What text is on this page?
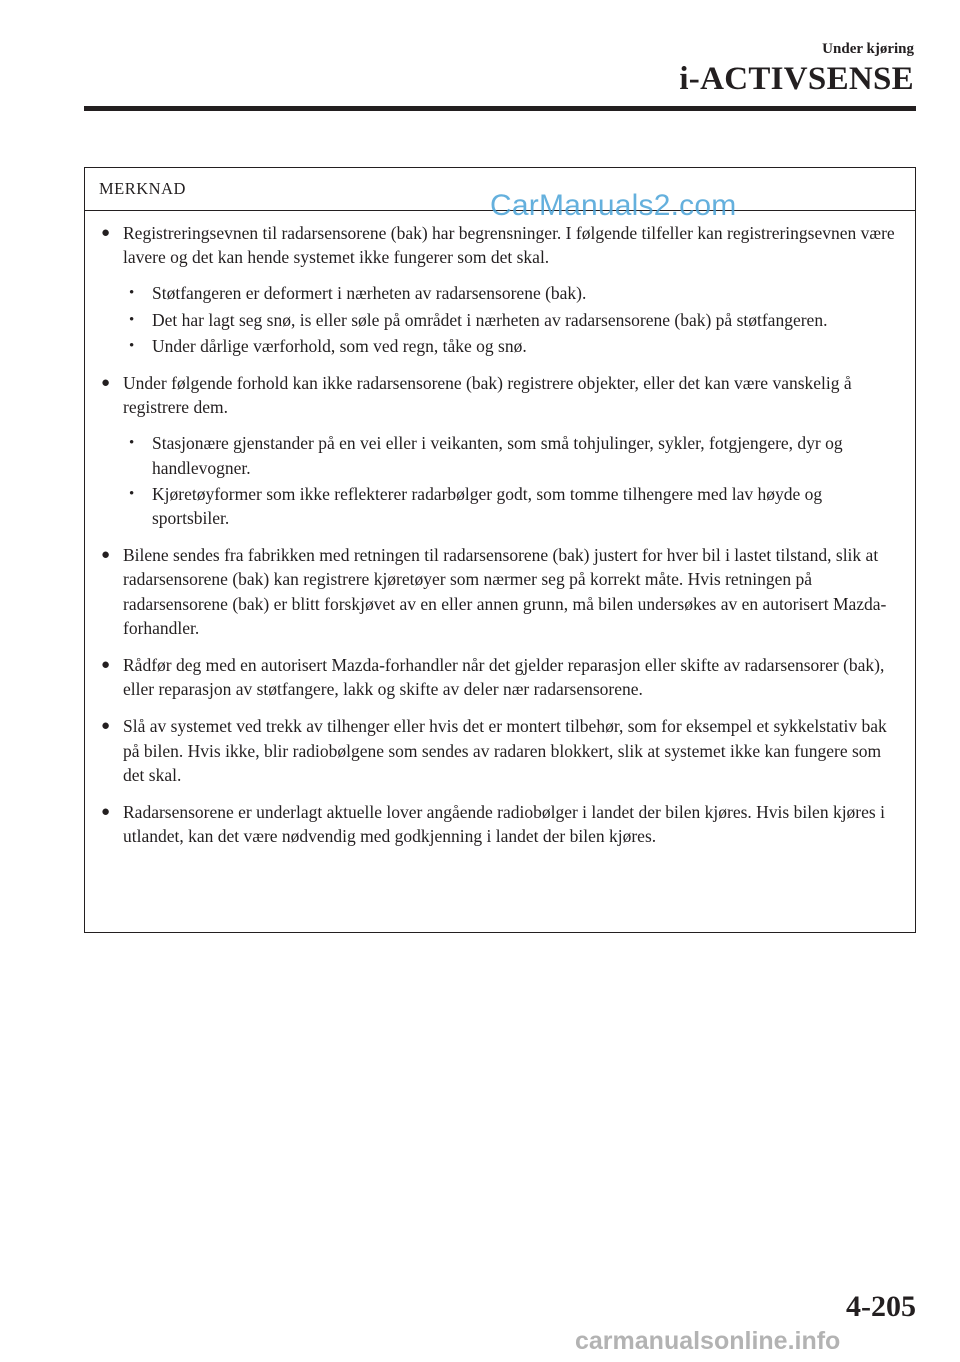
Under kjøring
i-ACTIVSENSE
MERKNAD
● Registreringsevnen til radarsensorene (bak) har begrensninger. I følgende tilfeller kan registreringsevnen være lavere og det kan hende systemet ikke fungerer som det skal.
• Støtfangeren er deformert i nærheten av radarsensorene (bak).
• Det har lagt seg snø, is eller søle på området i nærheten av radarsensorene (bak) på støtfangeren.
• Under dårlige værforhold, som ved regn, tåke og snø.
● Under følgende forhold kan ikke radarsensorene (bak) registrere objekter, eller det kan være vanskelig å registrere dem.
• Stasjonære gjenstander på en vei eller i veikanten, som små tohjulinger, sykler, fotgjengere, dyr og handlevogner.
• Kjøretøyformer som ikke reflekterer radarbølger godt, som tomme tilhengere med lav høyde og sportsbiler.
● Bilene sendes fra fabrikken med retningen til radarsensorene (bak) justert for hver bil i lastet tilstand, slik at radarsensorene (bak) kan registrere kjøretøyer som nærmer seg på korrekt måte. Hvis retningen på radarsensorene (bak) er blitt forskjøvet av en eller annen grunn, må bilen undersøkes av en autorisert Mazda-forhandler.
● Rådfør deg med en autorisert Mazda-forhandler når det gjelder reparasjon eller skifte av radarsensorer (bak), eller reparasjon av støtfangere, lakk og skifte av deler nær radarsensorene.
● Slå av systemet ved trekk av tilhenger eller hvis det er montert tilbehør, som for eksempel et sykkelstativ bak på bilen. Hvis ikke, blir radiobølgene som sendes av radaren blokkert, slik at systemet ikke kan fungere som det skal.
● Radarsensorene er underlagt aktuelle lover angående radiobølger i landet der bilen kjøres. Hvis bilen kjøres i utlandet, kan det være nødvendig med godkjenning i landet der bilen kjøres.
CarManuals2.com
4-205
carmanualsonline.info
